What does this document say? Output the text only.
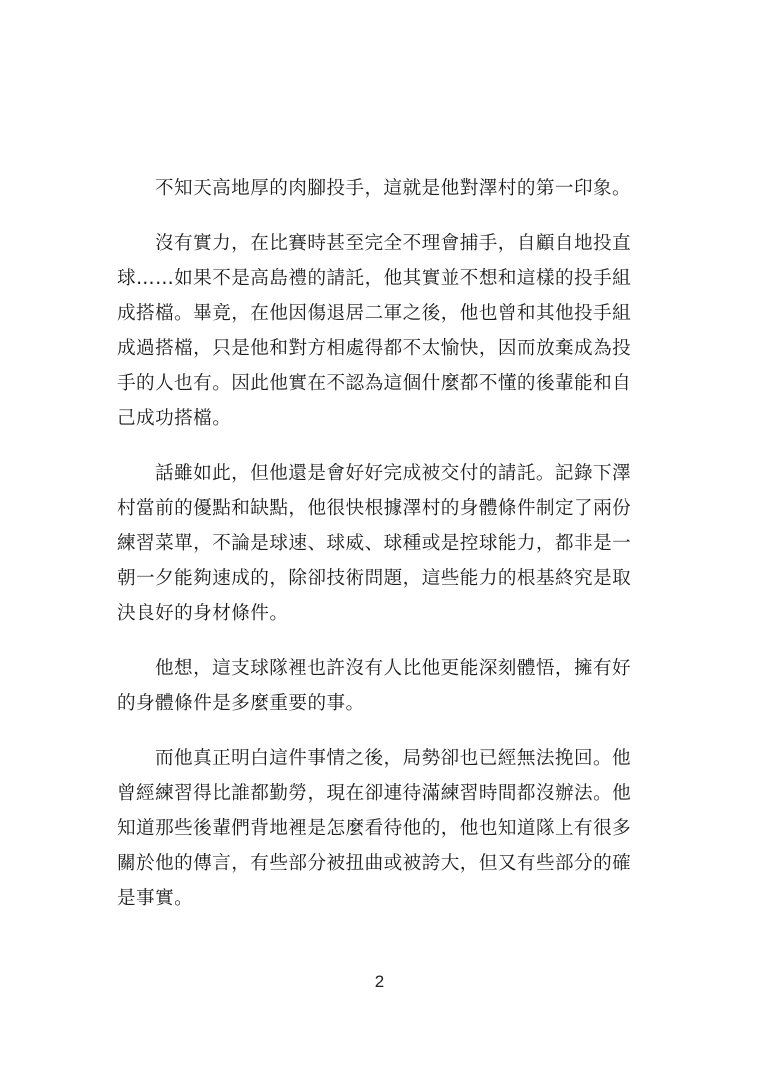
不知天高地厚的肉腳投手，這就是他對澤村的第一印象。
沒有實力，在比賽時甚至完全不理會捕手，自顧自地投直
球……如果不是高島禮的請託，他其實並不想和這樣的投手組
成搭檔。畢竟，在他因傷退居二軍之後，他也曾和其他投手組
成過搭檔，只是他和對方相處得都不太愉快，因而放棄成為投
手的人也有。因此他實在不認為這個什麼都不懂的後輩能和自
己成功搭檔。
話雖如此，但他還是會好好完成被交付的請託。記錄下澤
村當前的優點和缺點，他很快根據澤村的身體條件制定了兩份
練習菜單，不論是球速、球威、球種或是控球能力，都非是一
朝一夕能夠速成的，除卻技術問題，這些能力的根基終究是取
決良好的身材條件。
他想，這支球隊裡也許沒有人比他更能深刻體悟，擁有好
的身體條件是多麼重要的事。
而他真正明白這件事情之後，局勢卻也已經無法挽回。他
曾經練習得比誰都勤勞，現在卻連待滿練習時間都沒辦法。他
知道那些後輩們背地裡是怎麼看待他的，他也知道隊上有很多
關於他的傳言，有些部分被扭曲或被誇大，但又有些部分的確
是事實。
2
